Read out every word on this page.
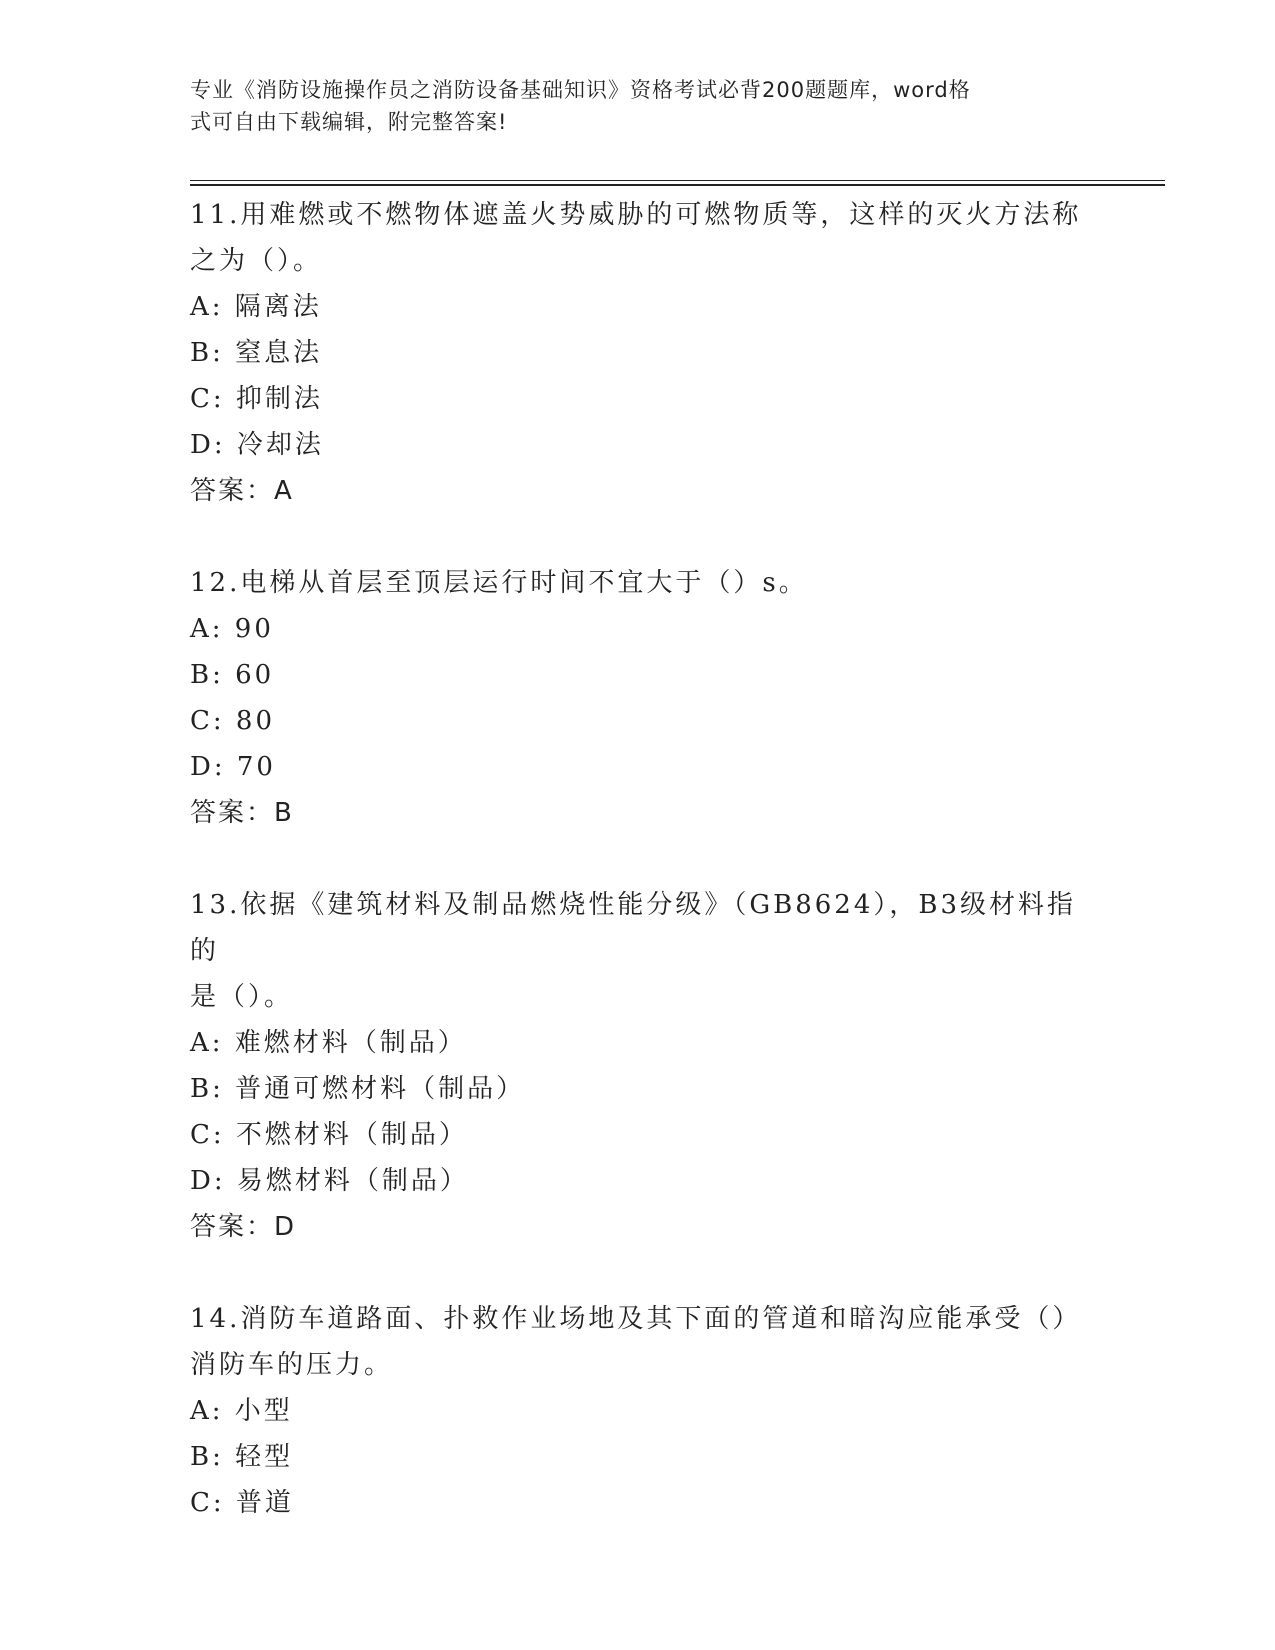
专业《消防设施操作员之消防设备基础知识》资格考试必背200题题库，word格
式可自由下载编辑，附完整答案!
11.用难燃或不燃物体遮盖火势威胁的可燃物质等，这样的灭火方法称
之为（）。
A: 隔离法
B: 窒息法
C: 抑制法
D: 冷却法
答案：A
12.电梯从首层至顶层运行时间不宜大于（）s。
A: 90
B: 60
C: 80
D: 70
答案：B
13.依据《建筑材料及制品燃烧性能分级》（GB8624），B3级材料指的
是（）。
A: 难燃材料（制品）
B: 普通可燃材料（制品）
C: 不燃材料（制品）
D: 易燃材料（制品）
答案：D
14.消防车道路面、扑救作业场地及其下面的管道和暗沟应能承受（）
消防车的压力。
A: 小型
B: 轻型
C: 普道
